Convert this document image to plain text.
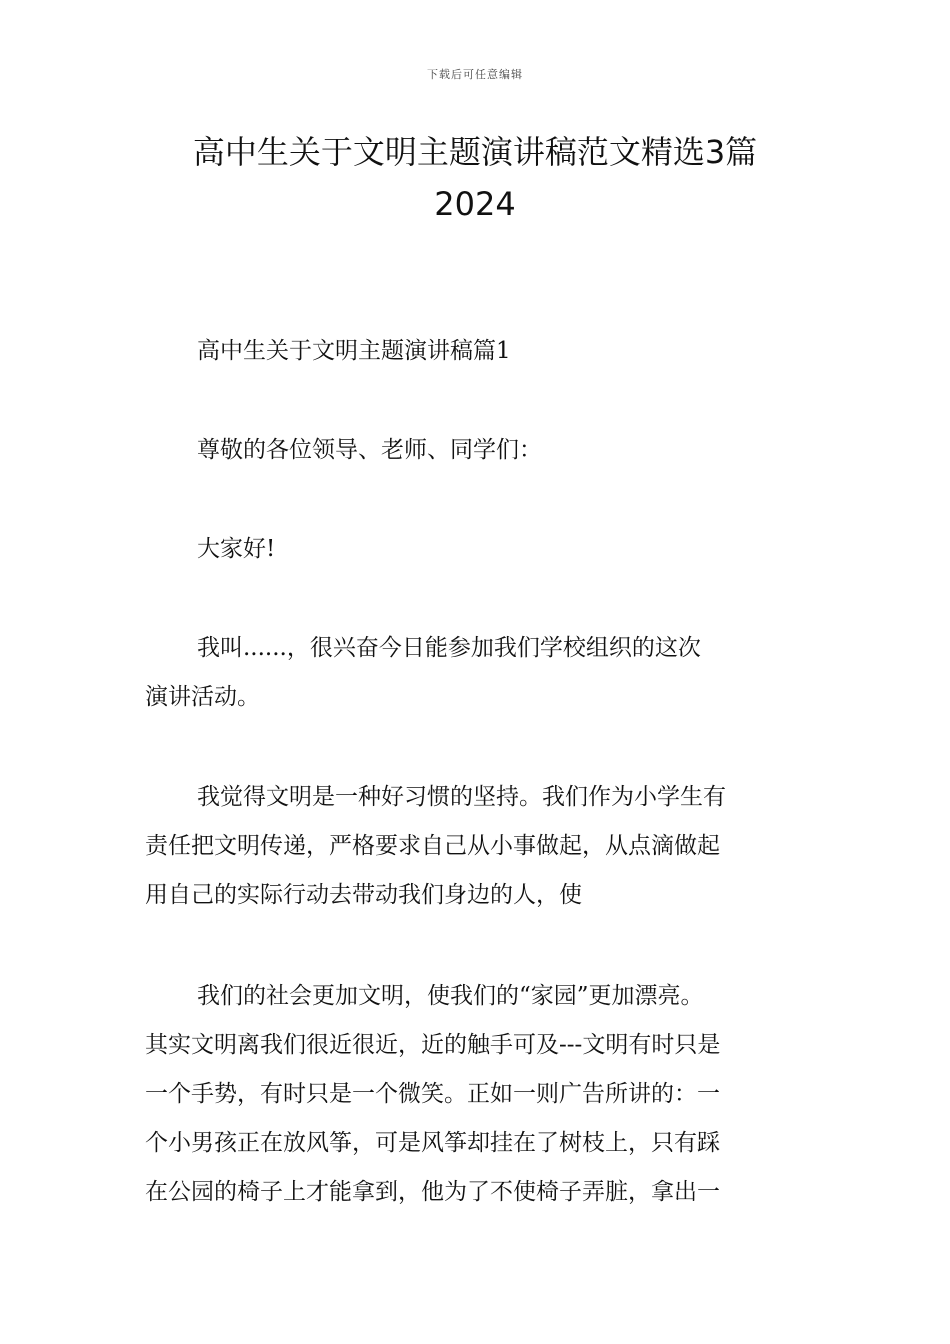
下载后可任意编辑
高中生关于文明主题演讲稿范文精选3篇
2024

高中生关于文明主题演讲稿篇1

尊敬的各位领导、老师、同学们：

大家好!

我叫......，很兴奋今日能参加我们学校组织的这次
演讲活动。
我觉得文明是一种好习惯的坚持。我们作为小学生有
责任把文明传递，严格要求自己从小事做起，从点滴做起
用自己的实际行动去带动我们身边的人，使
我们的社会更加文明，使我们的“家园”更加漂亮。
其实文明离我们很近很近，近的触手可及---文明有时只是
一个手势，有时只是一个微笑。正如一则广告所讲的：一
个小男孩正在放风筝，可是风筝却挂在了树枝上，只有踩
在公园的椅子上才能拿到，他为了不使椅子弄脏，拿出一
